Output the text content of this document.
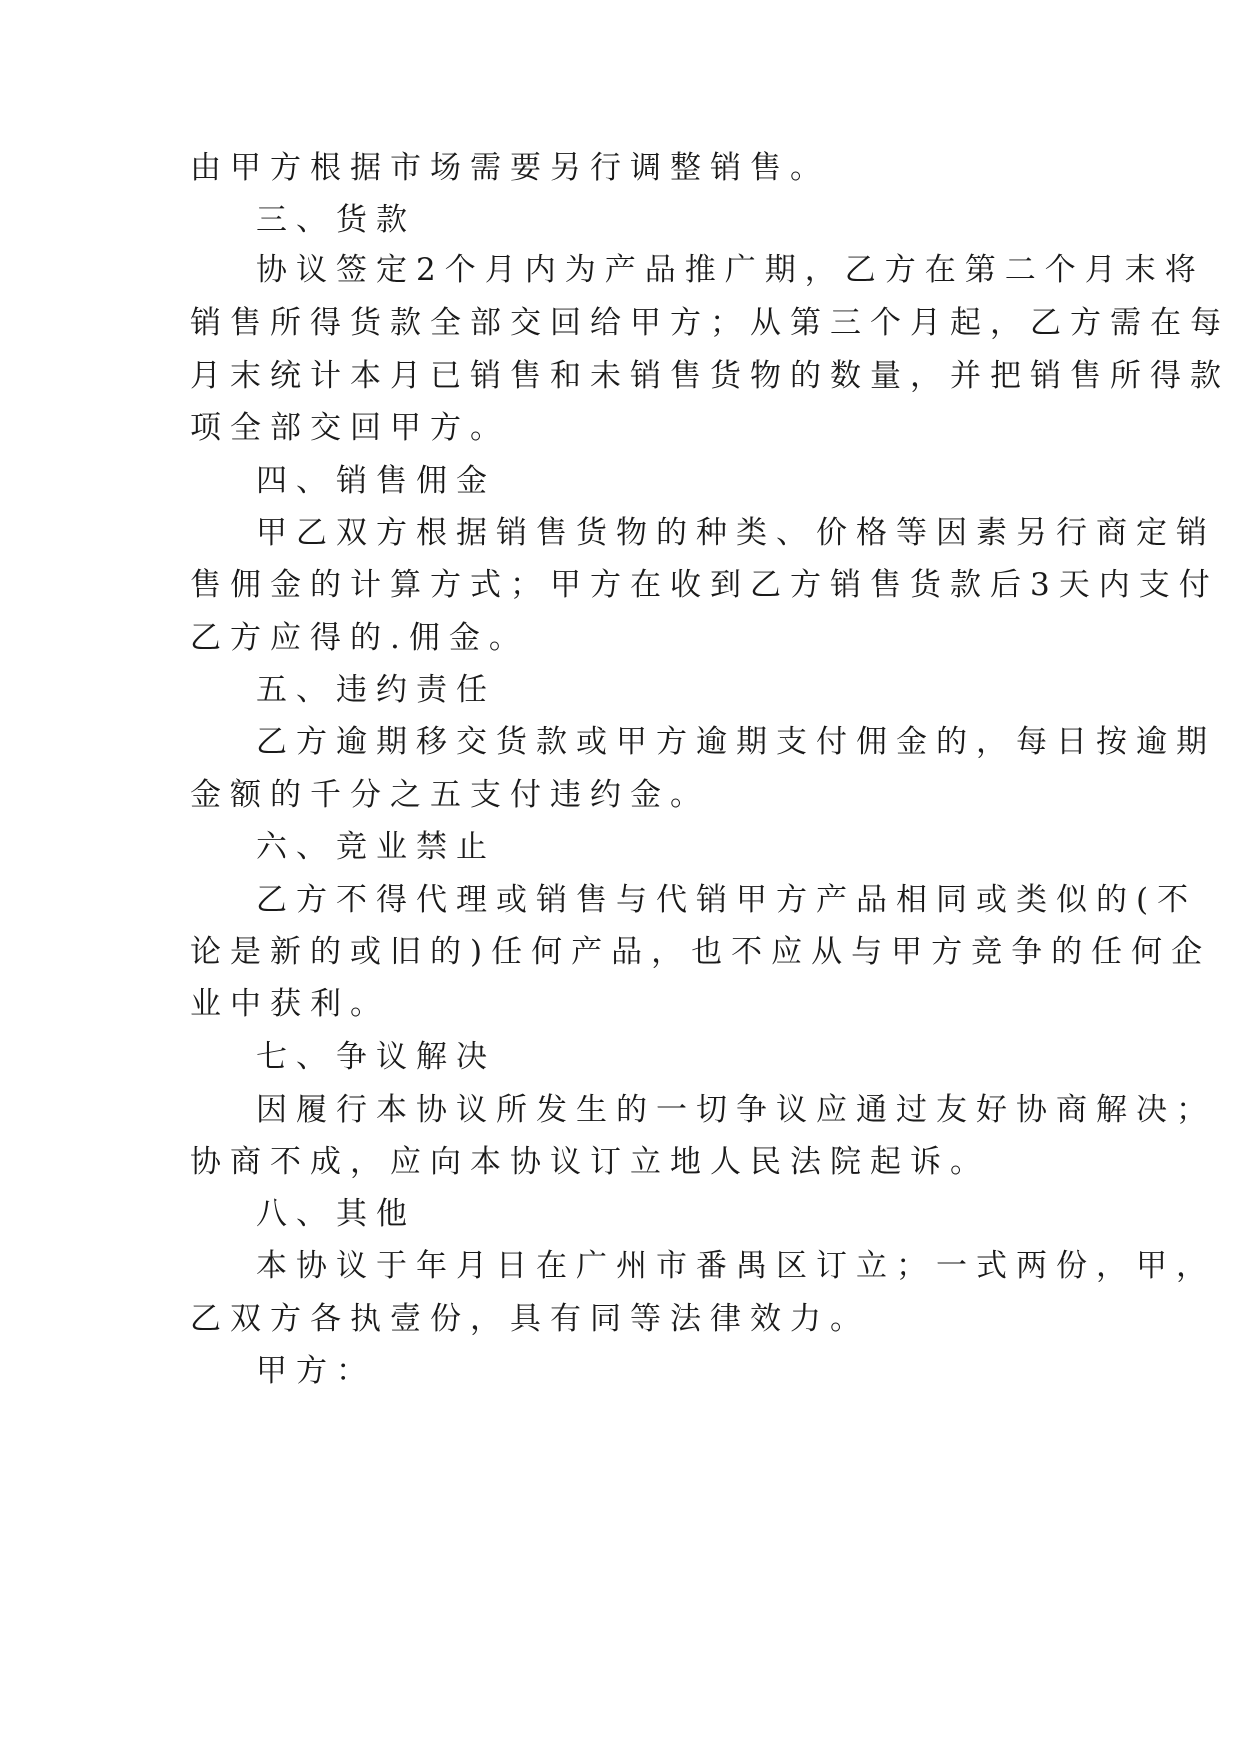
由甲方根据市场需要另行调整销售。
三、货款
协议签定2个月内为产品推广期，乙方在第二个月末将
销售所得货款全部交回给甲方；从第三个月起，乙方需在每
月末统计本月已销售和未销售货物的数量，并把销售所得款
项全部交回甲方。
四、销售佣金
甲乙双方根据销售货物的种类、价格等因素另行商定销
售佣金的计算方式；甲方在收到乙方销售货款后3天内支付
乙方应得的.佣金。
五、违约责任
乙方逾期移交货款或甲方逾期支付佣金的，每日按逾期
金额的千分之五支付违约金。
六、竞业禁止
乙方不得代理或销售与代销甲方产品相同或类似的(不
论是新的或旧的)任何产品，也不应从与甲方竞争的任何企
业中获利。
七、争议解决
因履行本协议所发生的一切争议应通过友好协商解决；
协商不成，应向本协议订立地人民法院起诉。
八、其他
本协议于年月日在广州市番禺区订立；一式两份，甲，
乙双方各执壹份，具有同等法律效力。
甲方：
